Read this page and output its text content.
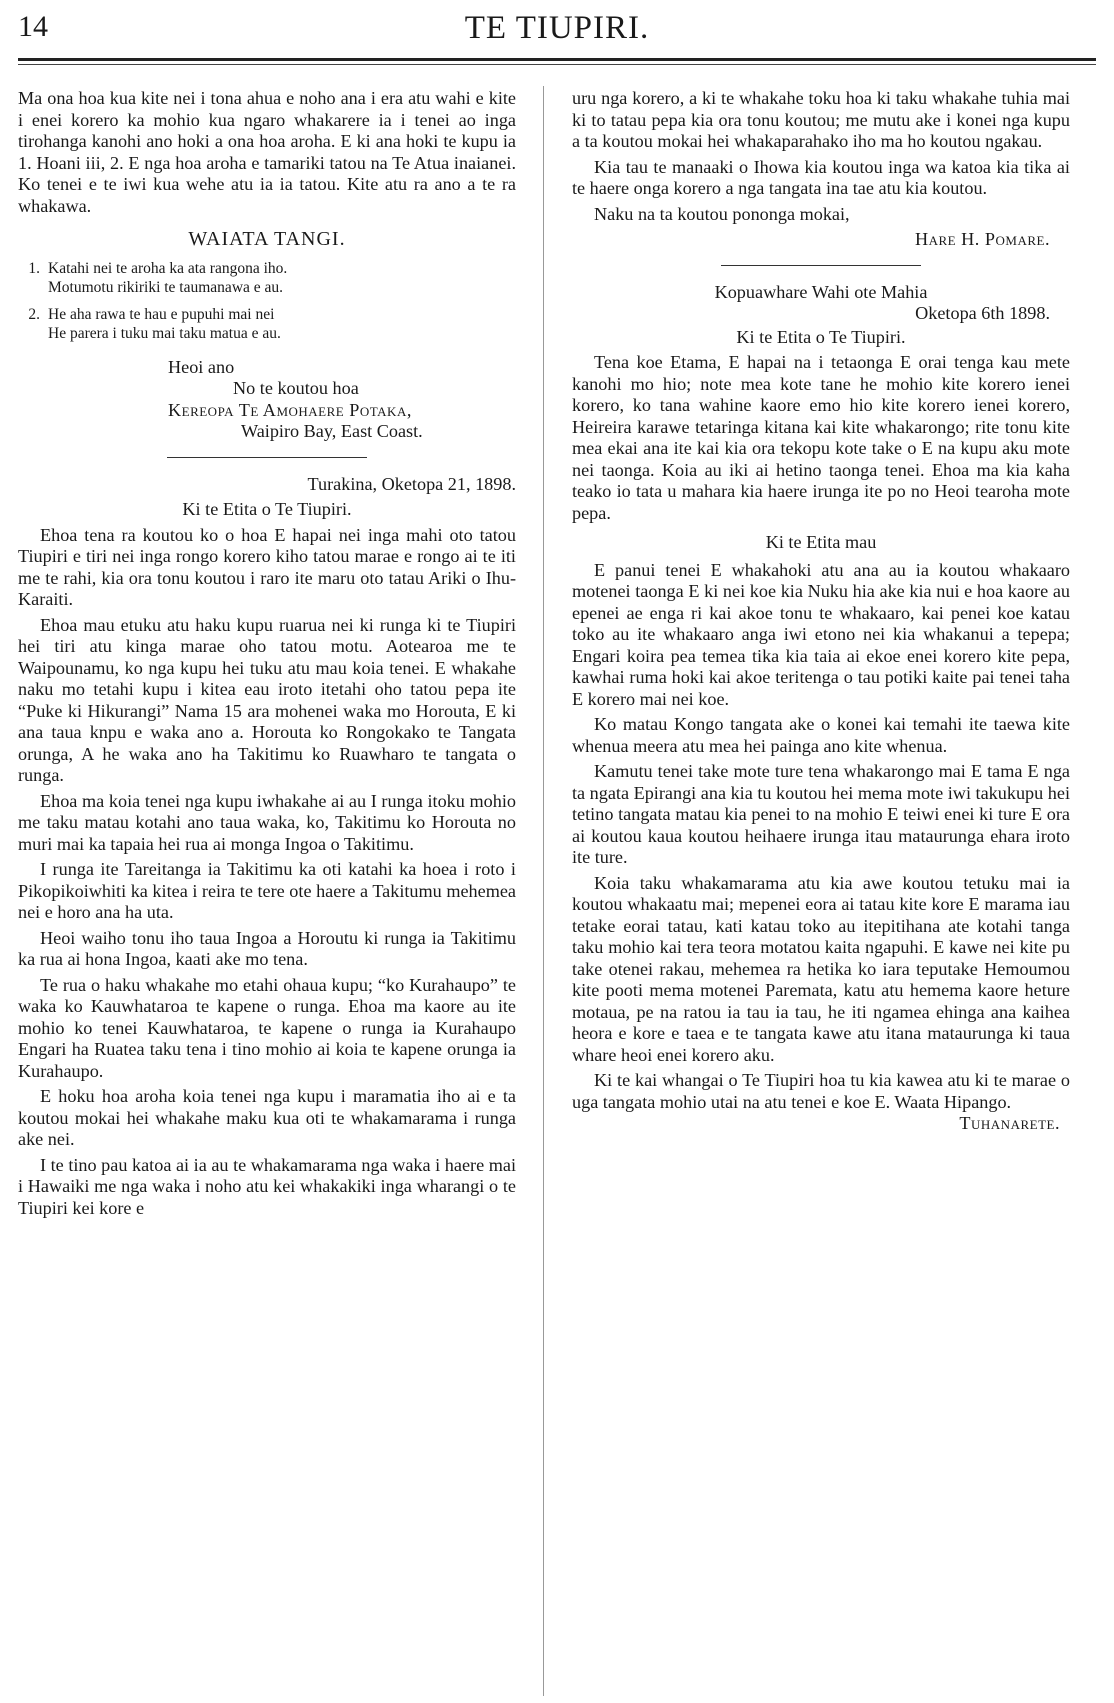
14	TE TIUPIRI.

Ma ona hoa kua kite nei i tona ahua e noho ana i era atu wahi e kite i enei korero ka mohio kua ngaro whakarere ia i tenei ao inga tirohanga kanohi ano hoki a ona hoa aroha. E ki ana hoki te kupu ia 1. Hoani iii, 2. E nga hoa aroha e tamariki tatou na Te Atua inaianei. Ko tenei e te iwi kua wehe atu ia ia tatou. Kite atu ra ano a te ra whakawa.

WAIATA TANGI.
1. Katahi nei te aroha ka ata rangona iho.
Motumotu rikiriki te taumanawa e au.
2. He aha rawa te hau e pupuhi mai nei
He parera i tuku mai taku matua e au.
Heoi ano
No te koutou hoa
Kereopa Te Amohaere Potaka,
Waipiro Bay, East Coast.
Turakina, Oketopa 21, 1898.
Ki te Etita o Te Tiupiri.

Ehoa tena ra koutou ko o hoa E hapai nei inga mahi oto tatou Tiupiri e tiri nei inga rongo korero kiho tatou marae e rongo ai te iti me te rahi, kia ora tonu koutou i raro ite maru oto tatau Ariki o Ihu-Karaiti.

Ehoa mau etuku atu haku kupu ruarua nei ki runga ki te Tiupiri hei tiri atu kinga marae oho tatou motu. Aotearoa me te Waipounamu, ko nga kupu hei tuku atu mau koia tenei. E whakahe naku mo tetahi kupu i kitea eau iroto itetahi oho tatou pepa ite “Puke ki Hikurangi” Nama 15 ara mohenei waka mo Horouta, E ki ana taua knpu e waka ano a. Horouta ko Rongokako te Tangata orunga, A he waka ano ha Takitimu ko Ruawharo te tangata o runga.

Ehoa ma koia tenei nga kupu iwhakahe ai au I runga itoku mohio me taku matau kotahi ano taua waka, ko, Takitimu ko Horouta no muri mai ka tapaia hei rua ai monga Ingoa o Takitimu.

I runga ite Tareitanga ia Takitimu ka oti katahi ka hoea i roto i Pikopikoiwhiti ka kitea i reira te tere ote haere a Takitumu mehemea nei e horo ana ha uta.

Heoi waiho tonu iho taua Ingoa a Horoutu ki runga ia Takitimu ka rua ai hona Ingoa, kaati ake mo tena.

Te rua o haku whakahe mo etahi ohaua kupu; “ko Kurahaupo” te waka ko Kauwhataroa te kapene o runga. Ehoa ma kaore au ite mohio ko tenei Kauwhataroa, te kapene o runga ia Kurahaupo Engari ha Ruatea taku tena i tino mohio ai koia te kapene orunga ia Kurahaupo.

E hoku hoa aroha koia tenei nga kupu i maramatia iho ai e ta koutou mokai hei whakahe maku kua oti te whakamarama i runga ake nei.

I te tino pau katoa ai ia au te whakamarama nga waka i haere mai i Hawaiki me nga waka i noho atu kei whakakiki inga wharangi o te Tiupiri kei kore e

uru nga korero, a ki te whakahe toku hoa ki taku whakahe tuhia mai ki to tatau pepa kia ora tonu koutou; me mutu ake i konei nga kupu a ta koutou mokai hei whakaparahako iho ma ho koutou ngakau.

Kia tau te manaaki o Ihowa kia koutou inga wa katoa kia tika ai te haere onga korero a nga tangata ina tae atu kia koutou.

Naku na ta koutou pononga mokai,

Hare H. Pomare.
Kopuawhare Wahi ote Mahia
Oketopa 6th 1898.
Ki te Etita o Te Tiupiri.

Tena koe Etama, E hapai na i tetaonga E orai tenga kau mete kanohi mo hio; note mea kote tane he mohio kite korero ienei korero, ko tana wahine kaore emo hio kite korero ienei korero, Heireira karawe tetaringa kitana kai kite whakarongo; rite tonu kite mea ekai ana ite kai kia ora tekopu kote take o E na kupu aku mote nei taonga. Koia au iki ai hetino taonga tenei. Ehoa ma kia kaha teako io tata u mahara kia haere irunga ite po no Heoi tearoha mote pepa.

Ki te Etita mau

E panui tenei E whakahoki atu ana au ia koutou whakaaro motenei taonga E ki nei koe kia Nuku hia ake kia nui e hoa kaore au epenei ae enga ri kai akoe tonu te whakaaro, kai penei koe katau toko au ite whakaaro anga iwi etono nei kia whakanui a tepepa; Engari koira pea temea tika kia taia ai ekoe enei korero kite pepa, kawhai ruma hoki kai akoe teritenga o tau potiki kaite pai tenei taha E korero mai nei koe.

Ko matau Kongo tangata ake o konei kai temahi ite taewa kite whenua meera atu mea hei painga ano kite whenua.

Kamutu tenei take mote ture tena whakarongo mai E tama E nga ta ngata Epirangi ana kia tu koutou hei mema mote iwi takukupu hei tetino tangata matau kia penei to na mohio E teiwi enei ki ture E ora ai koutou kaua koutou heihaere irunga itau mataurunga ehara iroto ite ture.

Koia taku whakamarama atu kia awe koutou tetuku mai ia koutou whakaatu mai; mepenei eora ai tatau kite kore E marama iau tetake eorai tatau, kati katau toko au itepitihana ate kotahi tanga taku mohio kai tera teora motatou kaita ngapuhi. E kawe nei kite pu take otenei rakau, mehemea ra hetika ko iara teputake Hemoumou kite pooti mema motenei Paremata, katu atu hemema kaore heture motaua, pe na ratou ia tau ia tau, he iti ngamea ehinga ana kaihea heora e kore e taea e te tangata kawe atu itana mataurunga ki taua whare heoi enei korero aku.

Ki te kai whangai o Te Tiupiri hoa tu kia kawea atu ki te marae o uga tangata mohio utai na atu tenei e koe E. Waata Hipango.

Tuhanarete.
